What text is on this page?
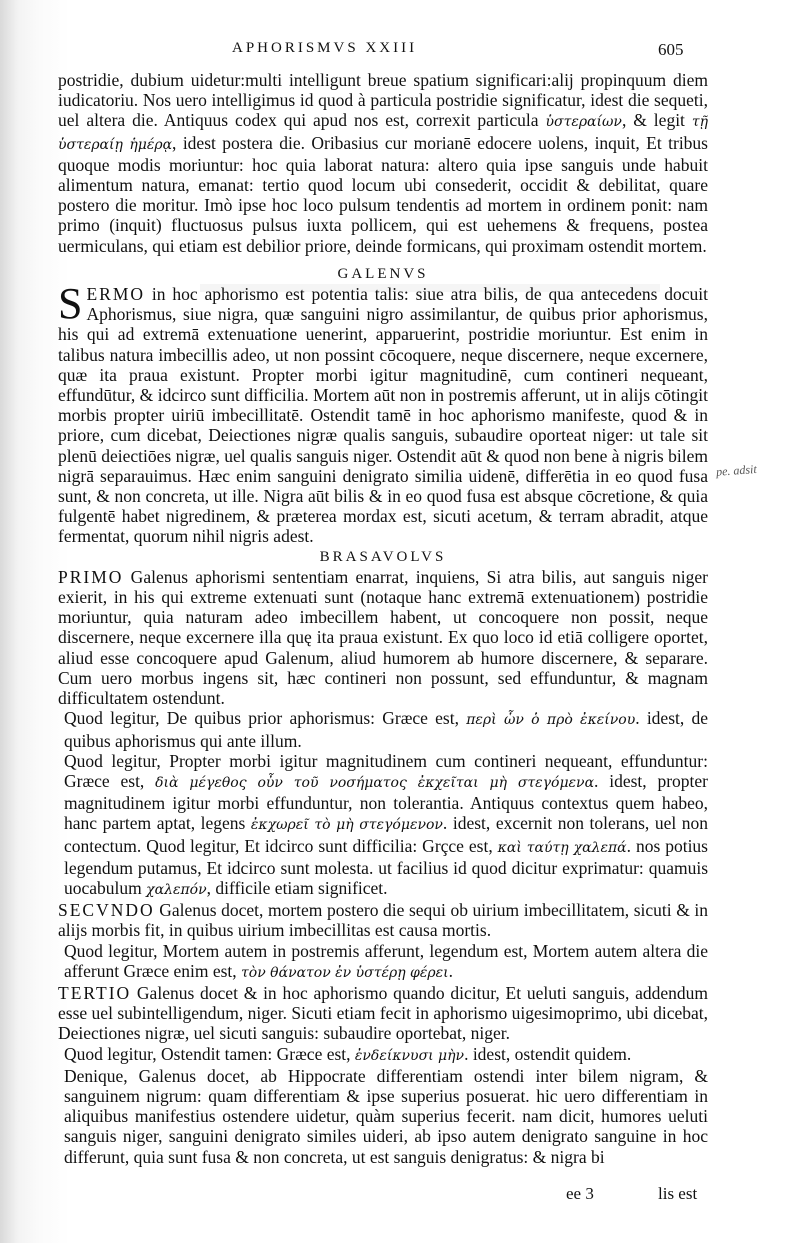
APHORISMVS XXIII	605
pe. adsit

postridie, dubium uidetur:multi intelligunt breue spatium significari:alij propinquum diem iudicatoriu. Nos uero intelligimus id quod à particula postridie significatur, idest die sequeti, uel altera die. Antiquus codex qui apud nos est, correxit particula ὑστεραίων, & legit τῇ ὑστεραίῃ ἡμέρᾳ, idest postera die. Oribasius cur morianē edocere uolens, inquit, Et tribus quoque modis moriuntur: hoc quia laborat natura: altero quia ipse sanguis unde habuit alimentum natura, emanat: tertio quod locum ubi consederit, occidit & debilitat, quare postero die moritur. Imò ipse hoc loco pulsum tendentis ad mortem in ordinem ponit: nam primo (inquit) fluctuosus pulsus iuxta pollicem, qui est uehemens & frequens, postea uermiculans, qui etiam est debilior priore, deinde formicans, qui proximam ostendit mortem.

GALENVS

SERMO in hoc aphorismo est potentia talis: siue atra bilis, de qua antecedens docuit Aphorismus, siue nigra, quæ sanguini nigro assimilantur, de quibus prior aphorismus, his qui ad extremā extenuatione uenerint, apparuerint, postridie moriuntur. Est enim in talibus natura imbecillis adeo, ut non possint cōcoquere, neque discernere, neque excernere, quæ ita praua existunt. Propter morbi igitur magnitudinē, cum contineri nequeant, effundūtur, & idcirco sunt difficilia. Mortem aūt non in postremis afferunt, ut in alijs cōtingit morbis propter uiriū imbecillitatē. Ostendit tamē in hoc aphorismo manifeste, quod & in priore, cum dicebat, Deiectiones nigræ qualis sanguis, subaudire oporteat niger: ut tale sit plenū deiectiōes nigræ, uel qualis sanguis niger. Ostendit aūt & quod non bene à nigris bilem nigrā separauimus. Hæc enim sanguini denigrato similia uidenē, differētia in eo quod fusa sunt, & non concreta, ut ille. Nigra aūt bilis & in eo quod fusa est absque cōcretione, & quia fulgentē habet nigredinem, & præterea mordax est, sicuti acetum, & terram abradit, atque fermentat, quorum nihil nigris adest.

BRASAVOLVS

PRIMO Galenus aphorismi sententiam enarrat, inquiens, Si atra bilis, aut sanguis niger exierit, in his qui extreme extenuati sunt (notaque hanc extremā extenuationem) postridie moriuntur, quia naturam adeo imbecillem habent, ut concoquere non possit, neque discernere, neque excernere illa quę ita praua existunt. Ex quo loco id etiā colligere oportet, aliud esse concoquere apud Galenum, aliud humorem ab humore discernere, & separare. Cum uero morbus ingens sit, hæc contineri non possunt, sed effunduntur, & magnam difficultatem ostendunt.

Quod legitur, De quibus prior aphorismus: Græce est, περὶ ὧν ὁ πρὸ ἐκείνου. idest, de quibus aphorismus qui ante illum.

Quod legitur, Propter morbi igitur magnitudinem cum contineri nequeant, effunduntur: Græce est, διὰ μέγεθος οὖν τοῦ νοσήματος ἐκχεῖται μὴ στεγόμενα. idest, propter magnitudinem igitur morbi effunduntur, non tolerantia. Antiquus contextus quem habeo, hanc partem aptat, legens ἐκχωρεῖ τὸ μὴ στεγόμενον. idest, excernit non tolerans, uel non contectum. Quod legitur, Et idcirco sunt difficilia: Grçce est, καὶ ταύτῃ χαλεπά. nos potius legendum putamus, Et idcirco sunt molesta. ut facilius id quod dicitur exprimatur: quamuis uocabulum χαλεπόν, difficile etiam significet.

SECVNDO Galenus docet, mortem postero die sequi ob uirium imbecillitatem, sicuti & in alijs morbis fit, in quibus uirium imbecillitas est causa mortis.

Quod legitur, Mortem autem in postremis afferunt, legendum est, Mortem autem altera die afferunt Græce enim est, τὸν θάνατον ἐν ὑστέρῃ φέρει.

TERTIO Galenus docet & in hoc aphorismo quando dicitur, Et ueluti sanguis, addendum esse uel subintelligendum, niger. Sicuti etiam fecit in aphorismo uigesimoprimo, ubi dicebat, Deiectiones nigræ, uel sicuti sanguis: subaudire oportebat, niger.

Quod legitur, Ostendit tamen: Græce est, ἐνδείκνυσι μὴν. idest, ostendit quidem.

Denique, Galenus docet, ab Hippocrate differentiam ostendi inter bilem nigram, & sanguinem nigrum: quam differentiam & ipse superius posuerat. hic uero differentiam in aliquibus manifestius ostendere uidetur, quàm superius fecerit. nam dicit, humores ueluti sanguis niger, sanguini denigrato similes uideri, ab ipso autem denigrato sanguine in hoc differunt, quia sunt fusa & non concreta, ut est sanguis denigratus: & nigra bi

ee 3	lis est
